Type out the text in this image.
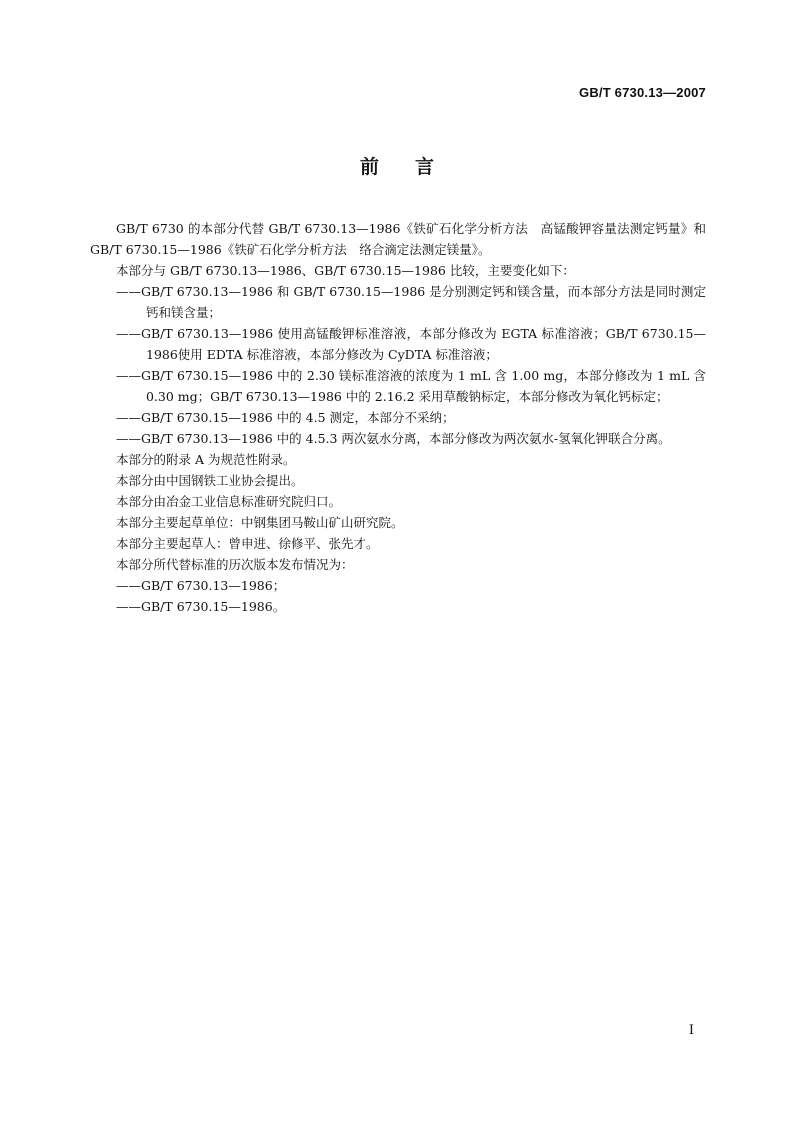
GB/T 6730.13—2007
前言

GB/T 6730 的本部分代替 GB/T 6730.13—1986《铁矿石化学分析方法　高锰酸钾容量法测定钙量》和 GB/T 6730.15—1986《铁矿石化学分析方法　络合滴定法测定镁量》。

本部分与 GB/T 6730.13—1986、GB/T 6730.15—1986 比较，主要变化如下：

——GB/T 6730.13—1986 和 GB/T 6730.15—1986 是分别测定钙和镁含量，而本部分方法是同时测定钙和镁含量；

——GB/T 6730.13—1986 使用高锰酸钾标准溶液，本部分修改为 EGTA 标准溶液；GB/T 6730.15—1986使用 EDTA 标准溶液，本部分修改为 CyDTA 标准溶液；

——GB/T 6730.15—1986 中的 2.30 镁标准溶液的浓度为 1 mL 含 1.00 mg，本部分修改为 1 mL 含 0.30 mg；GB/T 6730.13—1986 中的 2.16.2 采用草酸钠标定，本部分修改为氧化钙标定；

——GB/T 6730.15—1986 中的 4.5 测定，本部分不采纳；

——GB/T 6730.13—1986 中的 4.5.3 两次氨水分离，本部分修改为两次氨水-氢氧化钾联合分离。

本部分的附录 A 为规范性附录。

本部分由中国钢铁工业协会提出。

本部分由冶金工业信息标准研究院归口。

本部分主要起草单位：中钢集团马鞍山矿山研究院。

本部分主要起草人：曾申进、徐修平、张先才。

本部分所代替标准的历次版本发布情况为：

——GB/T 6730.13—1986；

——GB/T 6730.15—1986。

I
